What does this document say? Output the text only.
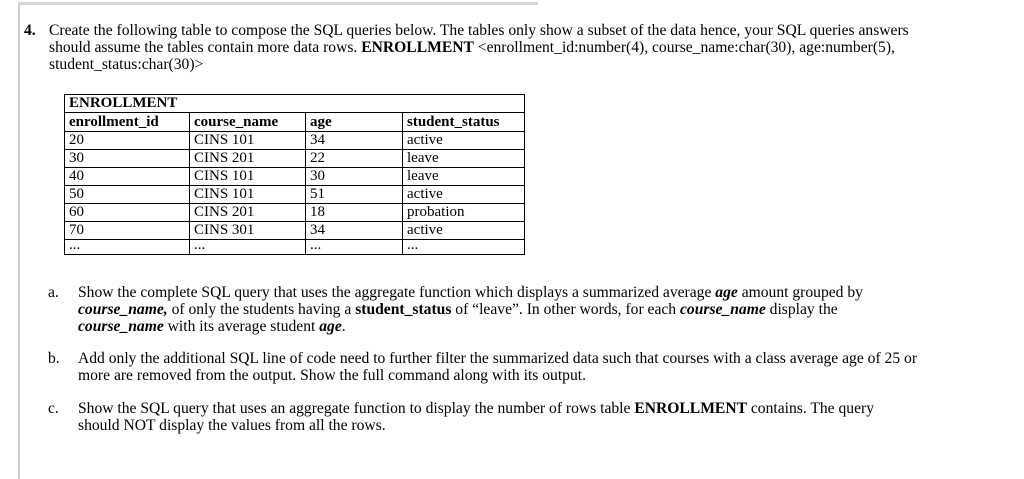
4. Create the following table to compose the SQL queries below. The tables only show a subset of the data hence, your SQL queries answers should assume the tables contain more data rows. ENROLLMENT <enrollment_id:number(4), course_name:char(30), age:number(5), student_status:char(30)>
ENROLLMENT			
enrollment_id	course_name	age	student_status
20	CINS 101	34	active
30	CINS 201	22	leave
40	CINS 101	30	leave
50	CINS 101	51	active
60	CINS 201	18	probation
70	CINS 301	34	active
...	...	...	...
a. Show the complete SQL query that uses the aggregate function which displays a summarized average age amount grouped by course_name, of only the students having a student_status of “leave”. In other words, for each course_name display the course_name with its average student age.
b. Add only the additional SQL line of code need to further filter the summarized data such that courses with a class average age of 25 or more are removed from the output. Show the full command along with its output.
c. Show the SQL query that uses an aggregate function to display the number of rows table ENROLLMENT contains. The query should NOT display the values from all the rows.
